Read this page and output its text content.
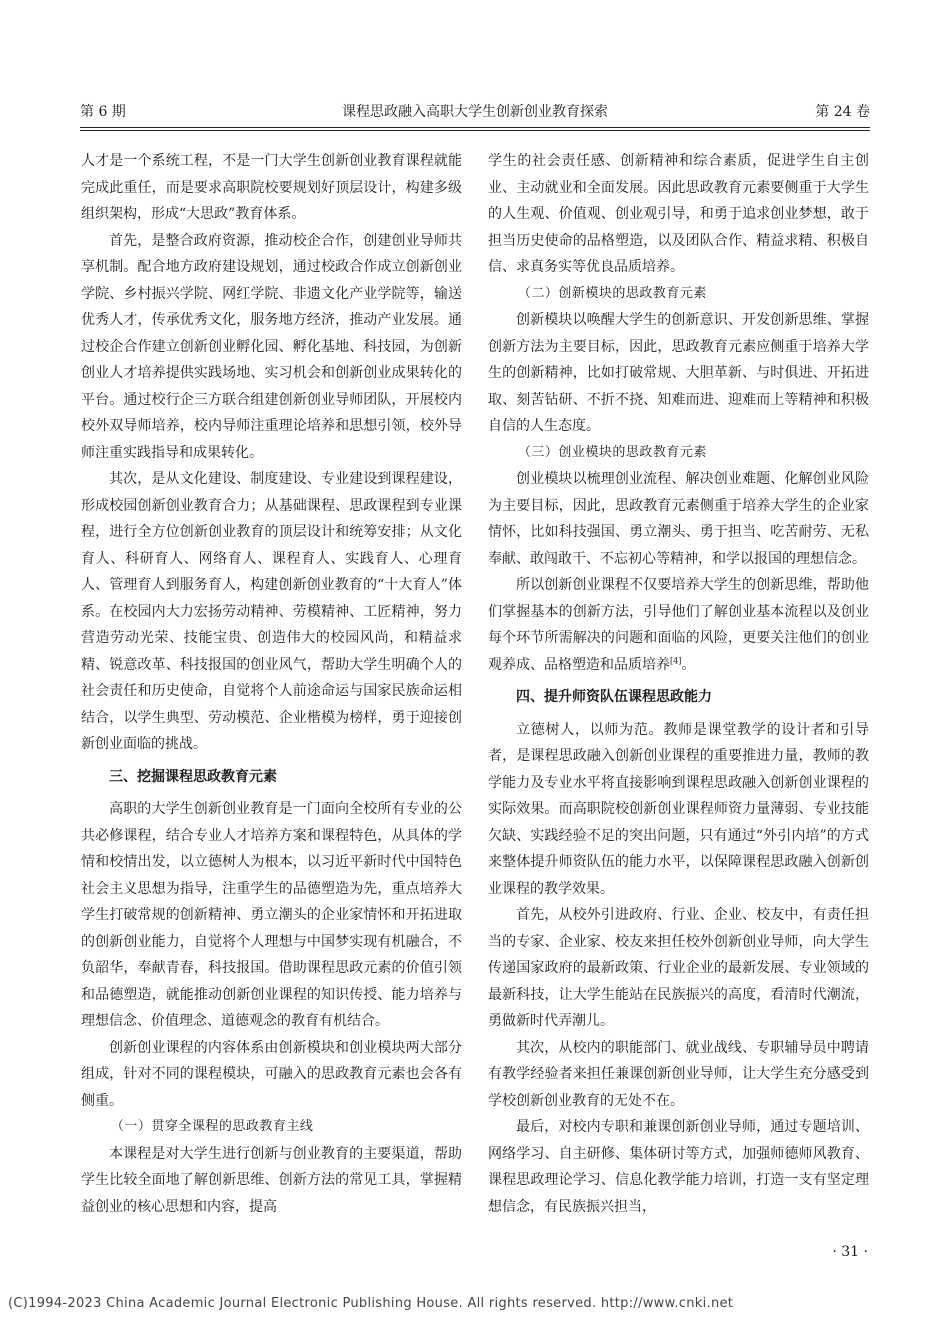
第 6 期	课程思政融入高职大学生创新创业教育探索	第 24 卷

人才是一个系统工程，不是一门大学生创新创业教育课程就能完成此重任，而是要求高职院校要规划好顶层设计，构建多级组织架构，形成“大思政”教育体系。

首先，是整合政府资源，推动校企合作，创建创业导师共享机制。配合地方政府建设规划，通过校政合作成立创新创业学院、乡村振兴学院、网红学院、非遗文化产业学院等，输送优秀人才，传承优秀文化，服务地方经济，推动产业发展。通过校企合作建立创新创业孵化园、孵化基地、科技园，为创新创业人才培养提供实践场地、实习机会和创新创业成果转化的平台。通过校行企三方联合组建创新创业导师团队，开展校内校外双导师培养，校内导师注重理论培养和思想引领，校外导师注重实践指导和成果转化。

其次，是从文化建设、制度建设、专业建设到课程建设，形成校园创新创业教育合力；从基础课程、思政课程到专业课程，进行全方位创新创业教育的顶层设计和统筹安排；从文化育人、科研育人、网络育人、课程育人、实践育人、心理育人、管理育人到服务育人，构建创新创业教育的“十大育人”体系。在校园内大力宏扬劳动精神、劳模精神、工匠精神，努力营造劳动光荣、技能宝贵、创造伟大的校园风尚，和精益求精、锐意改革、科技报国的创业风气，帮助大学生明确个人的社会责任和历史使命，自觉将个人前途命运与国家民族命运相结合，以学生典型、劳动模范、企业楷模为榜样，勇于迎接创新创业面临的挑战。

三、挖掘课程思政教育元素

高职的大学生创新创业教育是一门面向全校所有专业的公共必修课程，结合专业人才培养方案和课程特色，从具体的学情和校情出发，以立德树人为根本，以习近平新时代中国特色社会主义思想为指导，注重学生的品德塑造为先，重点培养大学生打破常规的创新精神、勇立潮头的企业家情怀和开拓进取的创新创业能力，自觉将个人理想与中国梦实现有机融合，不负韶华，奉献青春，科技报国。借助课程思政元素的价值引领和品德塑造，就能推动创新创业课程的知识传授、能力培养与理想信念、价值理念、道德观念的教育有机结合。

创新创业课程的内容体系由创新模块和创业模块两大部分组成，针对不同的课程模块，可融入的思政教育元素也会各有侧重。

（一）贯穿全课程的思政教育主线

本课程是对大学生进行创新与创业教育的主要渠道，帮助学生比较全面地了解创新思维、创新方法的常见工具，掌握精益创业的核心思想和内容，提高

学生的社会责任感、创新精神和综合素质，促进学生自主创业、主动就业和全面发展。因此思政教育元素要侧重于大学生的人生观、价值观、创业观引导，和勇于追求创业梦想，敢于担当历史使命的品格塑造，以及团队合作、精益求精、积极自信、求真务实等优良品质培养。

（二）创新模块的思政教育元素

创新模块以唤醒大学生的创新意识、开发创新思维、掌握创新方法为主要目标，因此，思政教育元素应侧重于培养大学生的创新精神，比如打破常规、大胆革新、与时俱进、开拓进取、刻苦钻研、不折不挠、知难而进、迎难而上等精神和积极自信的人生态度。

（三）创业模块的思政教育元素

创业模块以梳理创业流程、解决创业难题、化解创业风险为主要目标，因此，思政教育元素侧重于培养大学生的企业家情怀，比如科技强国、勇立潮头、勇于担当、吃苦耐劳、无私奉献、敢闯敢干、不忘初心等精神，和学以报国的理想信念。

所以创新创业课程不仅要培养大学生的创新思维，帮助他们掌握基本的创新方法，引导他们了解创业基本流程以及创业每个环节所需解决的问题和面临的风险，更要关注他们的创业观养成、品格塑造和品质培养[4]。

四、提升师资队伍课程思政能力

立德树人，以师为范。教师是课堂教学的设计者和引导者，是课程思政融入创新创业课程的重要推进力量，教师的教学能力及专业水平将直接影响到课程思政融入创新创业课程的实际效果。而高职院校创新创业课程师资力量薄弱、专业技能欠缺、实践经验不足的突出问题，只有通过“外引内培”的方式来整体提升师资队伍的能力水平，以保障课程思政融入创新创业课程的教学效果。

首先，从校外引进政府、行业、企业、校友中，有责任担当的专家、企业家、校友来担任校外创新创业导师，向大学生传递国家政府的最新政策、行业企业的最新发展、专业领域的最新科技，让大学生能站在民族振兴的高度，看清时代潮流，勇做新时代弄潮儿。

其次，从校内的职能部门、就业战线、专职辅导员中聘请有教学经验者来担任兼课创新创业导师，让大学生充分感受到学校创新创业教育的无处不在。

最后，对校内专职和兼课创新创业导师，通过专题培训、网络学习、自主研修、集体研讨等方式，加强师德师风教育、课程思政理论学习、信息化教学能力培训，打造一支有坚定理想信念，有民族振兴担当，

· 31 ·
(C)1994-2023 China Academic Journal Electronic Publishing House. All rights reserved. http://www.cnki.net
